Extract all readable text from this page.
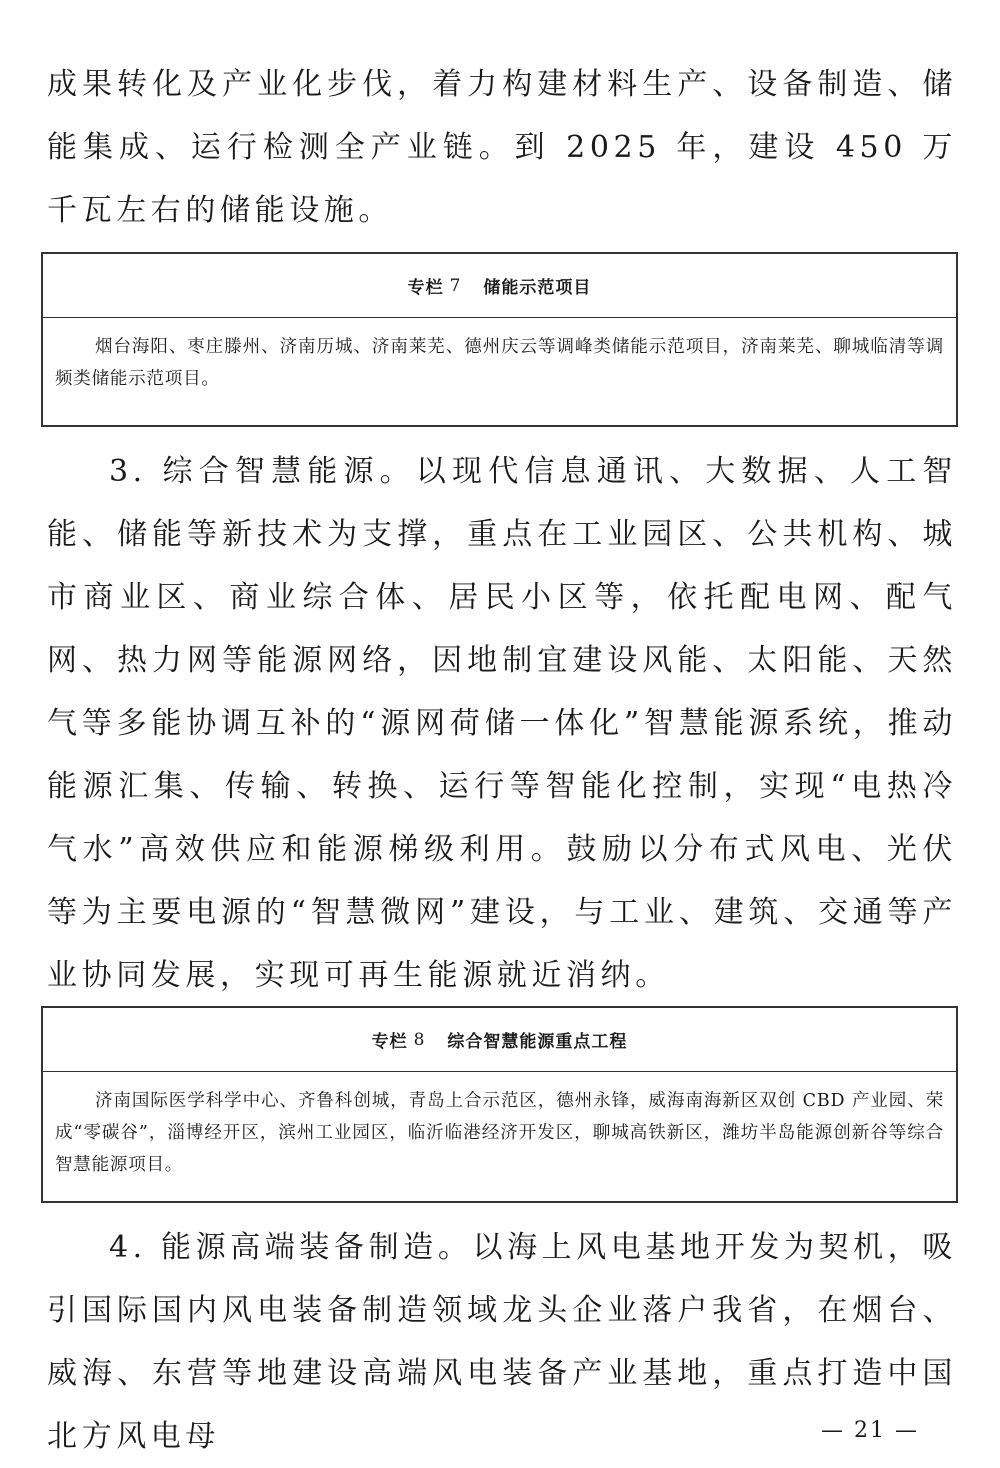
成果转化及产业化步伐，着力构建材料生产、设备制造、储能集成、运行检测全产业链。到 2025 年，建设 450 万千瓦左右的储能设施。

专栏 7 储能示范项目

烟台海阳、枣庄滕州、济南历城、济南莱芜、德州庆云等调峰类储能示范项目，济南莱芜、聊城临清等调频类储能示范项目。

3. 综合智慧能源。以现代信息通讯、大数据、人工智能、储能等新技术为支撑，重点在工业园区、公共机构、城市商业区、商业综合体、居民小区等，依托配电网、配气网、热力网等能源网络，因地制宜建设风能、太阳能、天然气等多能协调互补的“源网荷储一体化”智慧能源系统，推动能源汇集、传输、转换、运行等智能化控制，实现“电热冷气水”高效供应和能源梯级利用。鼓励以分布式风电、光伏等为主要电源的“智慧微网”建设，与工业、建筑、交通等产业协同发展，实现可再生能源就近消纳。

专栏 8 综合智慧能源重点工程

济南国际医学科学中心、齐鲁科创城，青岛上合示范区，德州永锋，威海南海新区双创 CBD 产业园、荣成“零碳谷”，淄博经开区，滨州工业园区，临沂临港经济开发区，聊城高铁新区，潍坊半岛能源创新谷等综合智慧能源项目。

4. 能源高端装备制造。以海上风电基地开发为契机，吸引国际国内风电装备制造领域龙头企业落户我省，在烟台、威海、东营等地建设高端风电装备产业基地，重点打造中国北方风电母	— 21 —
